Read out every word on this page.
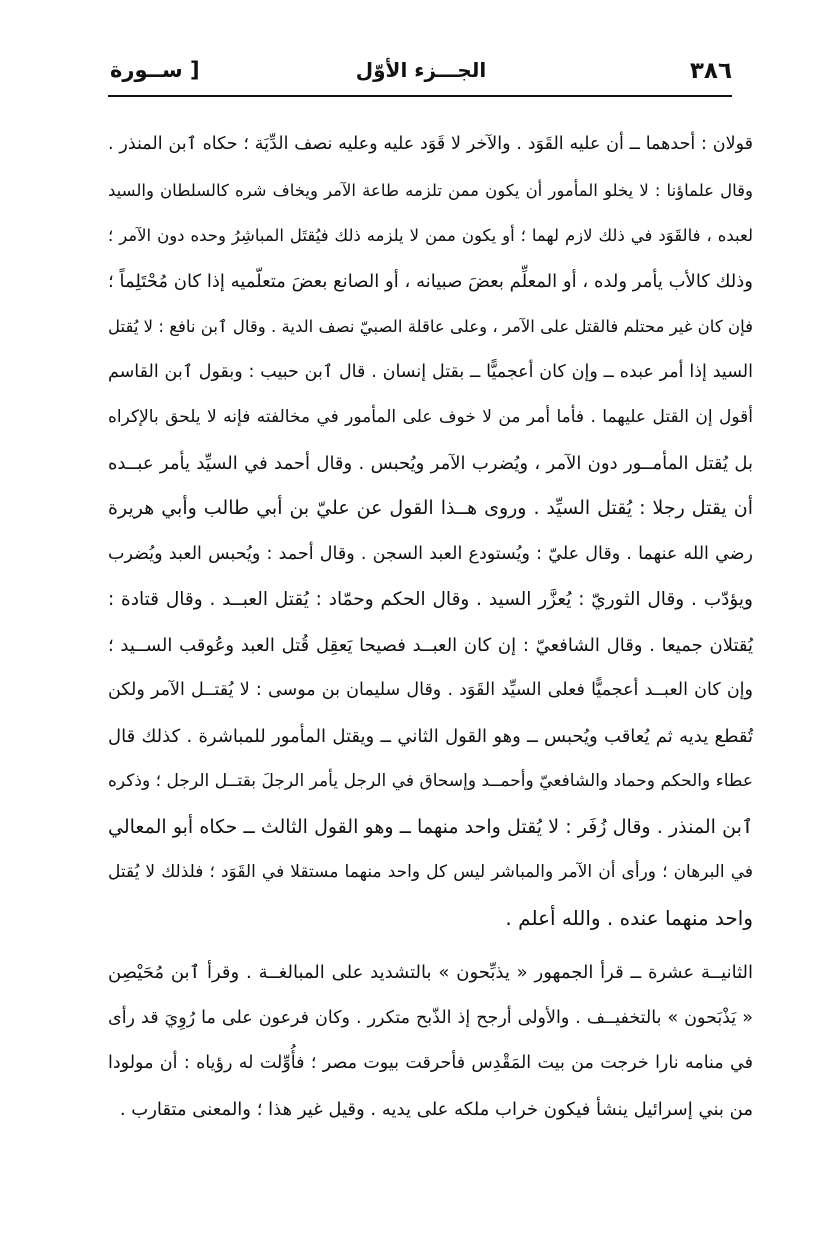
[ ســورة	الجـــزء الأوّل	٣٨٦
قولان : أحدهما ــ أن عليه القَوَد . والآخر لا قَوَد عليه وعليه نصف الدِّيَة ؛ حكاه ٱبن المنذر .
وقال علماؤنا : لا يخلو المأمور أن يكون ممن تلزمه طاعة الآمر ويخاف شره كالسلطان والسيد
لعبده ، فالقَوَد في ذلك لازم لهما ؛ أو يكون ممن لا يلزمه ذلك فيُقتَل المباشِرُ وحده دون الآمر ؛
وذلك كالأب يأمر ولده ، أو المعلِّم بعضَ صبيانه ، أو الصانع بعضَ متعلّميه إذا كان مُحْتَلِماً ؛
فإن كان غير محتلم فالقتل على الآمر ، وعلى عاقلة الصبيّ نصف الدية . وقال ٱبن نافع : لا يُقتل
السيد إذا أمر عبده ــ وإن كان أعجميًّا ــ بقتل إنسان . قال ٱبن حبيب : وبقول ٱبن القاسم
أقول إن القتل عليهما . فأما أمر من لا خوف على المأمور في مخالفته فإنه لا يلحق بالإكراه
بل يُقتل المأمــور دون الآمر ، ويُضرب الآمر ويُحبس . وقال أحمد في السيِّد يأمر عبــده
أن يقتل رجلا : يُقتل السيِّد . وروى هــذا القول عن عليّ بن أبي طالب وأبي هريرة
رضي الله عنهما . وقال عليّ : ويُستودع العبد السجن . وقال أحمد : ويُحبس العبد ويُضرب
ويؤدّب . وقال الثوريّ : يُعزَّر السيد . وقال الحكم وحمّاد : يُقتل العبــد . وقال قتادة :
يُقتلان جميعا . وقال الشافعيّ : إن كان العبــد فصيحا يَعقِل قُتل العبد وعُوقب الســيد ؛
وإن كان العبــد أعجميًّا فعلى السيِّد القَوَد . وقال سليمان بن موسى : لا يُقتــل الآمر ولكن
تُقطع يديه ثم يُعاقب ويُحبس ــ وهو القول الثاني ــ ويقتل المأمور للمباشرة . كذلك قال
عطاء والحكم وحماد والشافعيّ وأحمــد وإسحاق في الرجل يأمر الرجلَ بقتــل الرجل ؛ وذكره
ٱبن المنذر . وقال زُفَر : لا يُقتل واحد منهما ــ وهو القول الثالث ــ حكاه أبو المعالي
في البرهان ؛ ورأى أن الآمر والمباشر ليس كل واحد منهما مستقلا في القَوَد ؛ فلذلك لا يُقتل
واحد منهما عنده . والله أعلم .
الثانيــة عشرة ــ قرأ الجمهور « يذبِّحون » بالتشديد على المبالغــة . وقرأ ٱبن مُحَيْصِن
« يَذْبَحون » بالتخفيــف . والأولى أرجح إذ الذّبح متكرر . وكان فرعون على ما رُوِيَ قد رأى
في منامه نارا خرجت من بيت المَقْدِس فأحرقت بيوت مصر ؛ فأُوِّلت له رؤياه : أن مولودا
من بني إسرائيل ينشأ فيكون خراب ملكه على يديه . وقيل غير هذا ؛ والمعنى متقارب .
